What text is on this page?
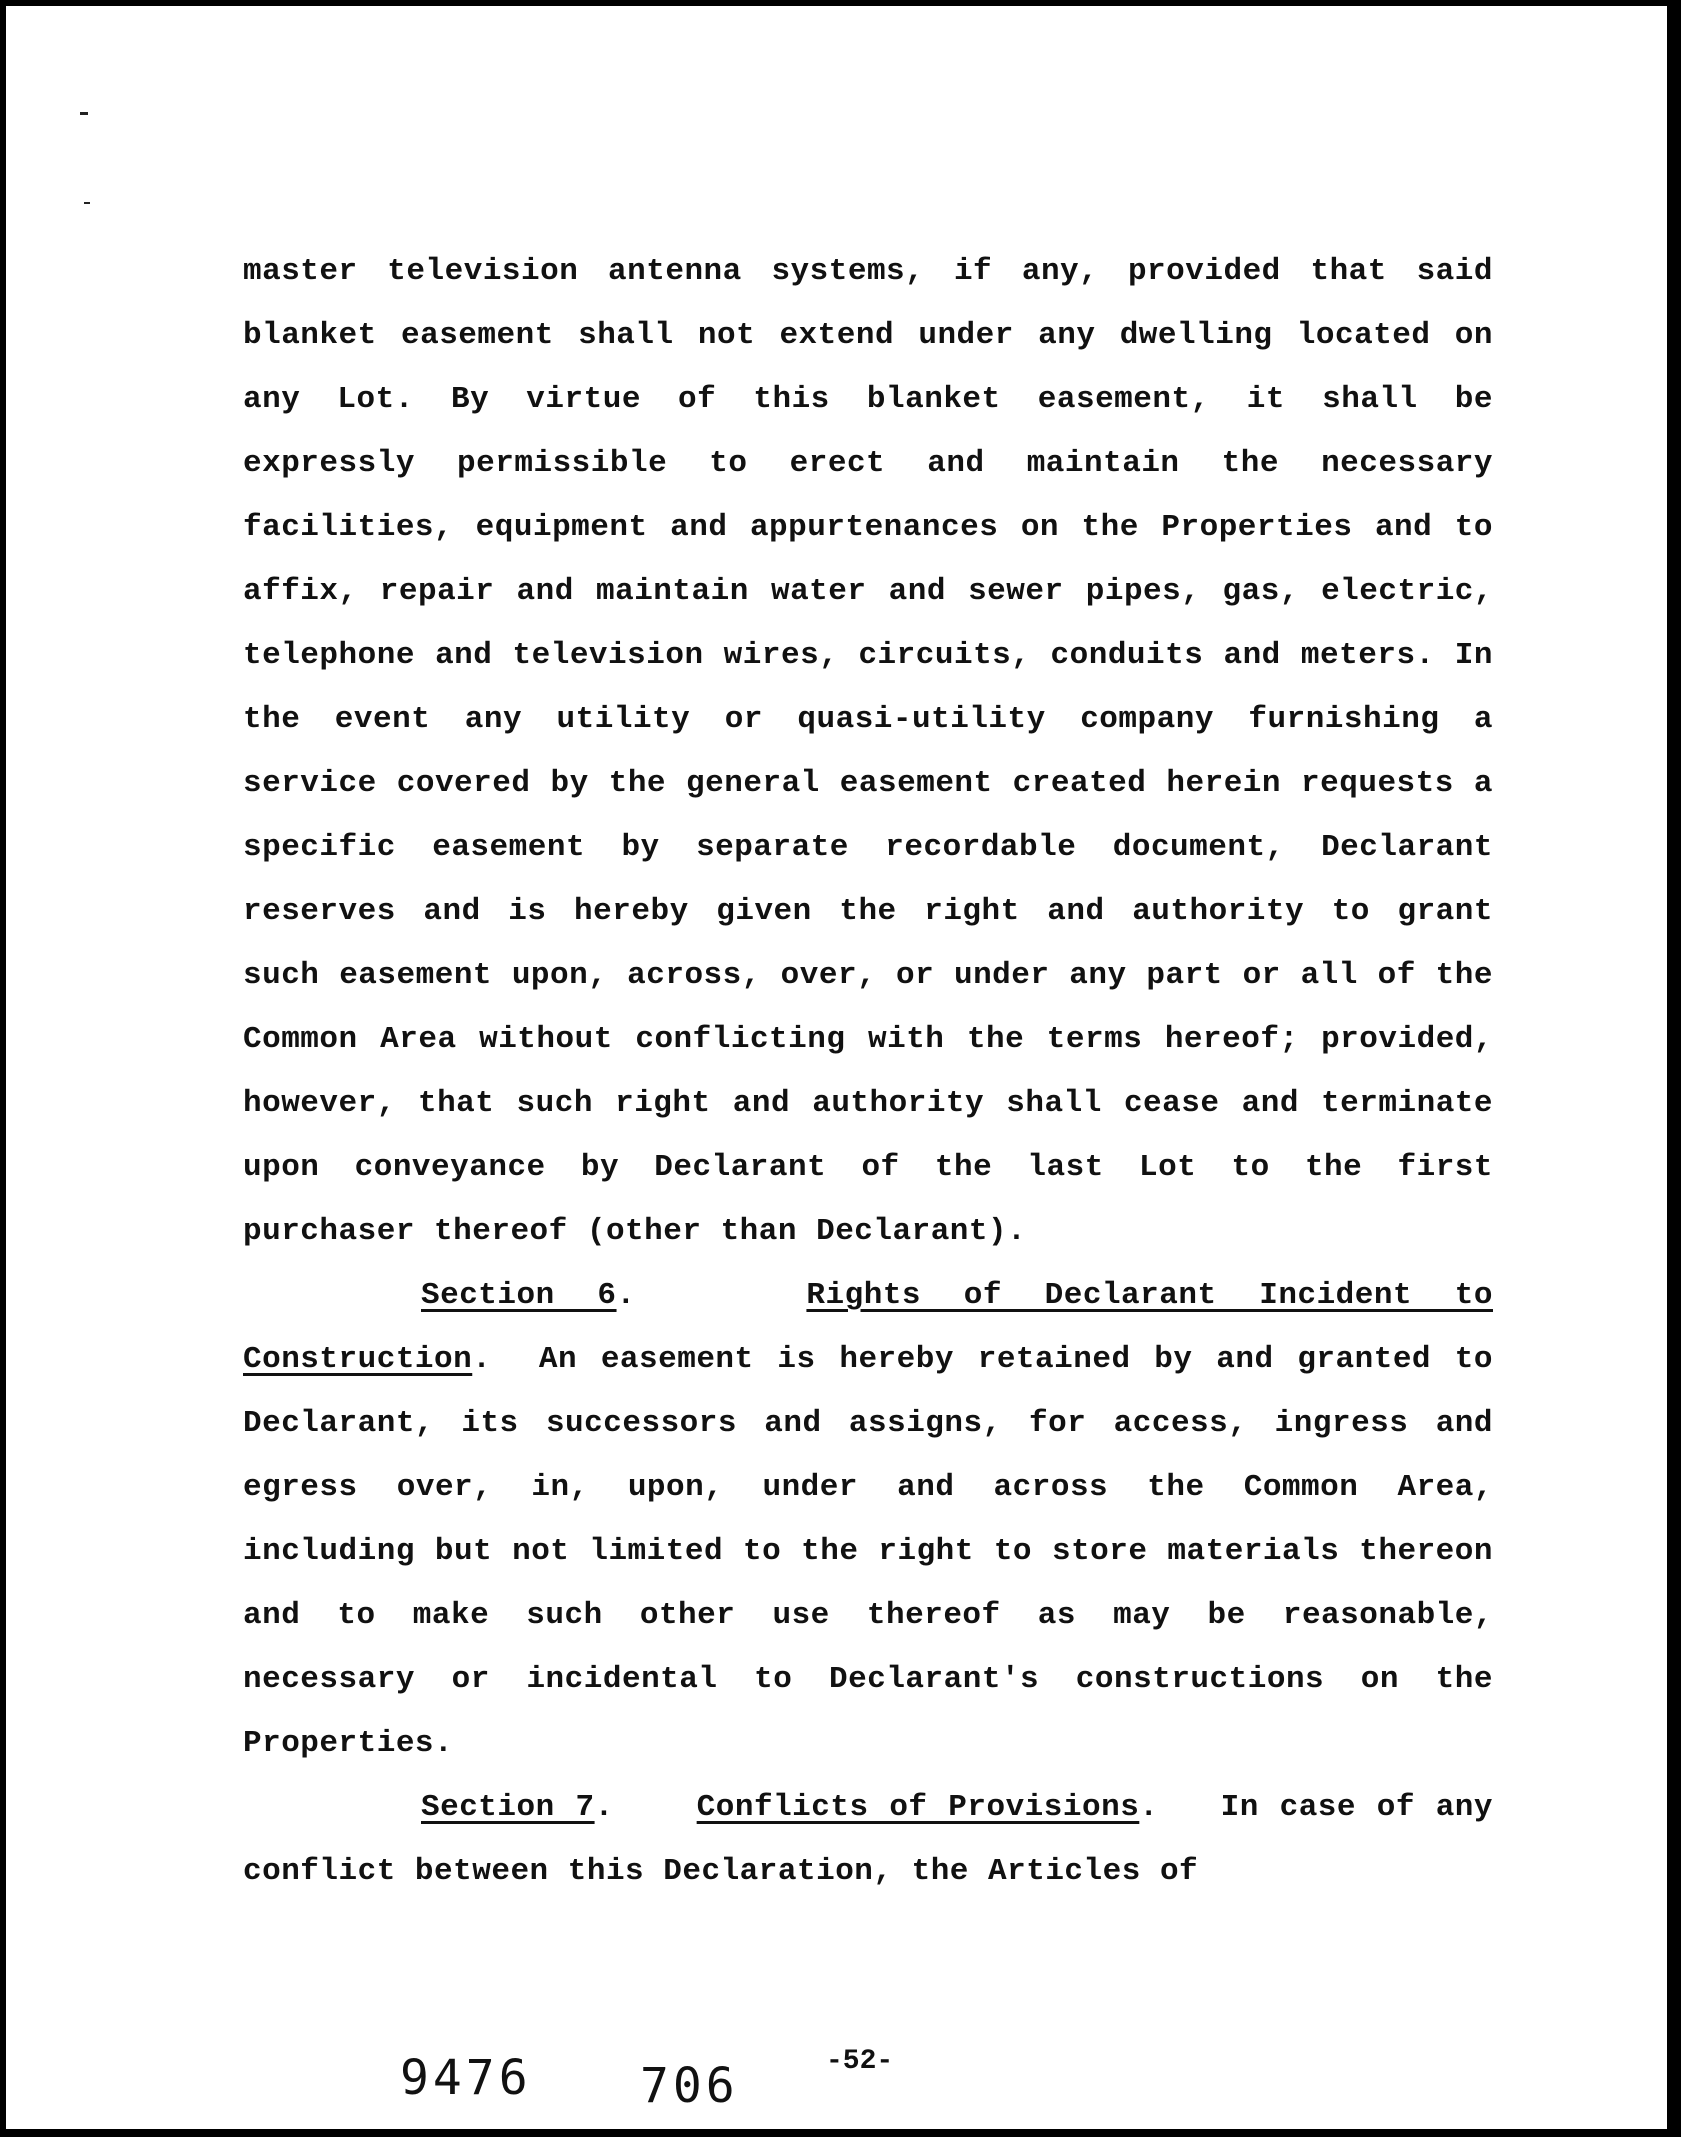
master television antenna systems, if any, provided that said blanket easement shall not extend under any dwelling located on any Lot. By virtue of this blanket easement, it shall be expressly permissible to erect and maintain the necessary facilities, equipment and appurtenances on the Properties and to affix, repair and maintain water and sewer pipes, gas, electric, telephone and television wires, circuits, conduits and meters. In the event any utility or quasi-utility company furnishing a service covered by the general easement created herein requests a specific easement by separate recordable document, Declarant reserves and is hereby given the right and authority to grant such easement upon, across, over, or under any part or all of the Common Area without conflicting with the terms hereof; provided, however, that such right and authority shall cease and terminate upon conveyance by Declarant of the last Lot to the first purchaser thereof (other than Declarant).

Section 6.    Rights of Declarant Incident to Construction.  An easement is hereby retained by and granted to Declarant, its successors and assigns, for access, ingress and egress over, in, upon, under and across the Common Area, including but not limited to the right to store materials thereon and to make such other use thereof as may be reasonable, necessary or incidental to Declarant's constructions on the Properties.

Section 7.    Conflicts of Provisions.   In case of any conflict between this Declaration, the Articles of

9476 706	-52-
